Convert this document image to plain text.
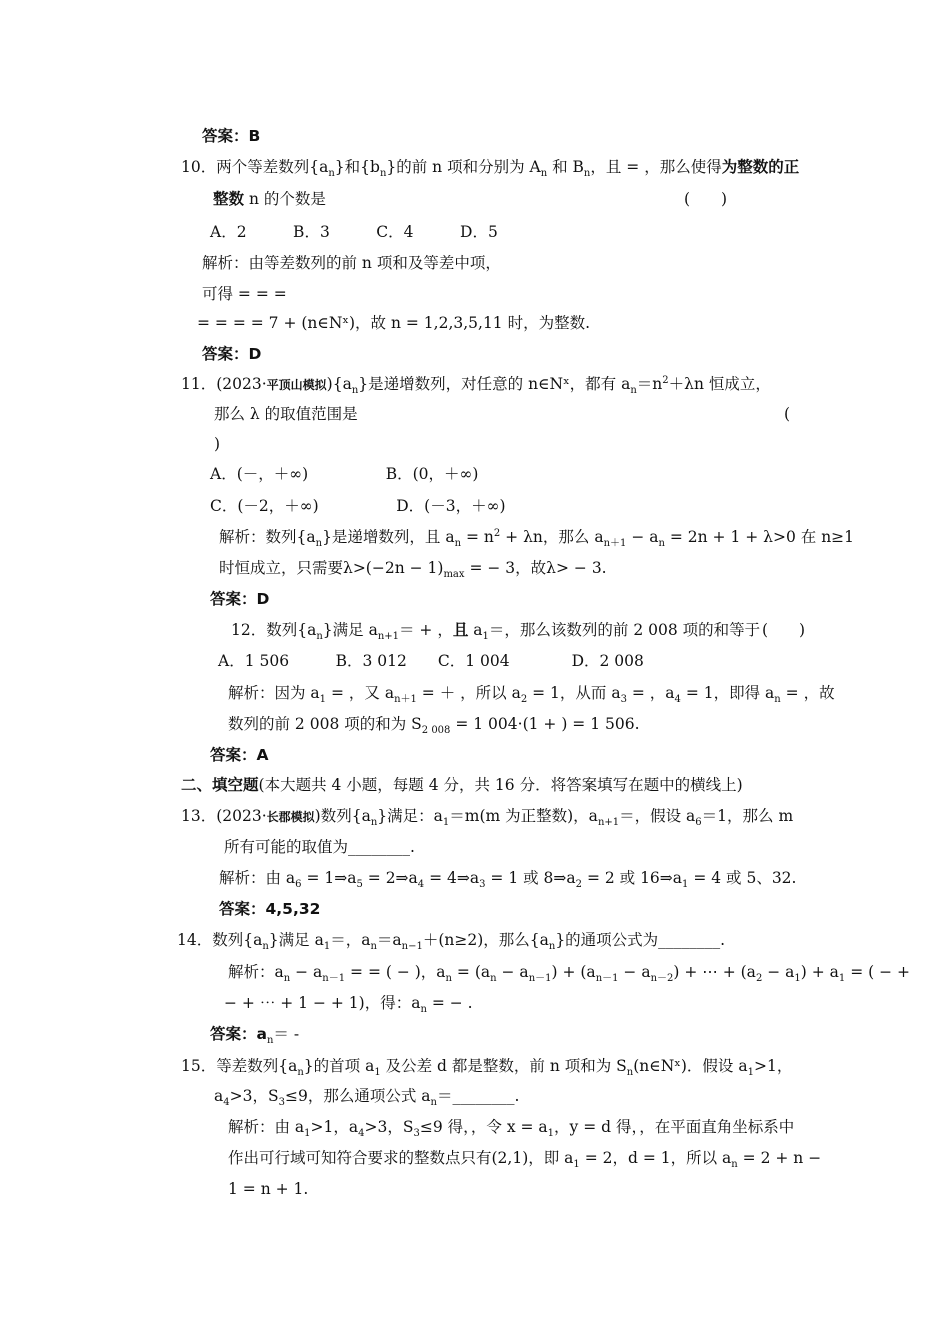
答案：B
10．两个等差数列$\{a_n\}$和$\{b_n\}$的前 n 项和分别为 $A_n$ 和 $B_n$，且 = ，那么使得为整数的正
整数 n 的个数是	(　　)
A．2　　　B．3　　　C．4　　　D．5
解析：由等差数列的前 n 项和及等差中项，
可得 = = =
= = = = 7 + (n∈Nˣ)，故 n = 1,2,3,5,11 时，为整数.
答案：D
11．(2023·平顶山模拟)$\{a_n\}$是递增数列，对任意的 n∈Nˣ，都有 $a_n=n^2+\lambda n$ 恒成立，
那么 λ 的取值范围是	(
)
A．(－，＋∞)　　　　　B．(0，＋∞)
C．(－2，＋∞)　　　　　D．(－3，＋∞)
解析：数列$\{a_n\}$是递增数列，且 $a_n = n^2 + \lambda n$，那么 $a_{n+1} - a_n = 2n + 1 + \lambda>0$ 在 n≥1
时恒成立，只需要$\lambda>(-2n - 1)_{max}$ = − 3，故λ> − 3.
答案：D
12．数列$\{a_n\}$满足 $a_{n+1}=$ + ，且 $a_1=$，那么该数列的前 2 008 项的和等于 (　　)
A．1 506　　　B．3 012　　C．1 004　　　　D．2 008
解析：因为 $a_1$ = ，又 $a_{n+1}$ = ＋ ，所以 $a_2 = 1$，从而 $a_3$ = ，$a_4 = 1$，即得 $a_n$ = ，故
数列的前 2 008 项的和为 $S_{2 008} = 1$ 004·(1 + ) = 1 506.
答案：A
二、填空题(本大题共 4 小题，每题 4 分，共 16 分．将答案填写在题中的横线上)
13．(2023·长郡模拟)数列$\{a_n\}$满足：$a_1=m(m$ 为正整数)，$a_{n+1}=$，假设 $a_6=1$，那么 m
所有可能的取值为________.
解析：由 $a_6$ = $1\Rightarrow a_5$ = $2\Rightarrow a_4$ = $4\Rightarrow a_3 = 1$ 或 $8\Rightarrow a_2 = 2$ 或 $16\Rightarrow a_1 = 4$ 或 5、32.
答案：4,5,32
14．数列$\{a_n\}$满足 $a_1=$，$a_n=a_{n-1}+(n\ge 2)$，那么$\{a_n\}$的通项公式为________.
解析：$a_n - a_{n-1}$ = = ( − )，$a_n = (a_n - a_{n-1}) + (a_{n-1} - a_{n-2})$ + ⋯ + $(a_2 - a_1) + a_1$ = ( − +
− + ⋯ + 1 − + 1)，得：$a_n$ = − .
答案：$a_n=$ -
15．等差数列$\{a_n\}$的首项 $a_1$ 及公差 d 都是整数，前 n 项和为 $S_n(n\in Nˣ)$．假设 $a_1>1$，
$a_4>3$，$S_3\le 9$，那么通项公式 $a_n=\_\_\_\_\_\_\_\_$.
解析：由 $a_1>1$，$a_4>3$，$S_3\le 9$ 得，，令 $x = a_1$，y = d 得，，在平面直角坐标系中
作出可行域可知符合要求的整数点只有(2,1)，即 $a_1 = 2$，d = 1，所以 $a_n = 2 + n$ −
1 = n + 1.
